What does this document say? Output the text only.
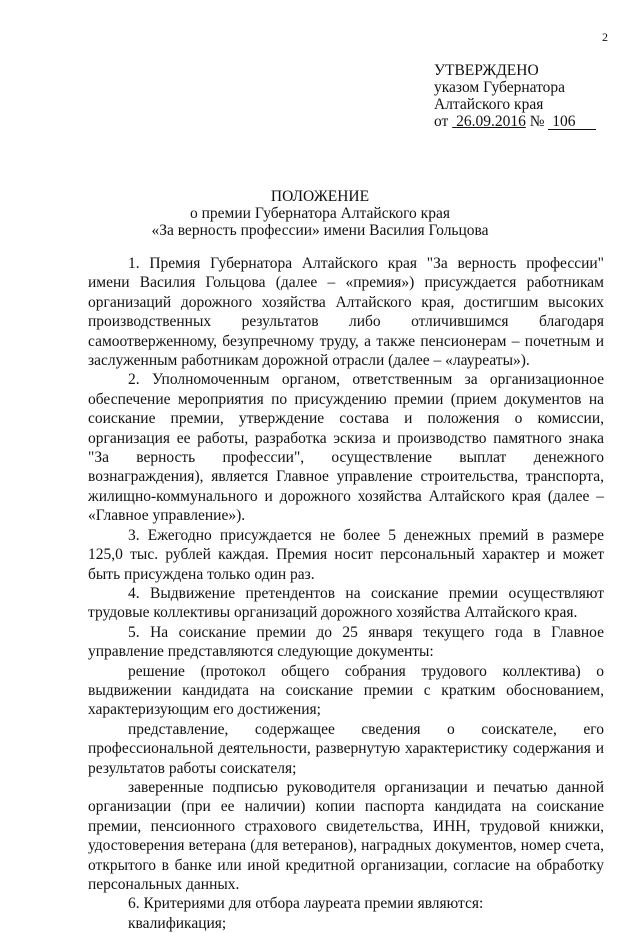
2
УТВЕРЖДЕНО
указом Губернатора
Алтайского края
от 26.09.2016 № 106
ПОЛОЖЕНИЕ
о премии Губернатора Алтайского края
«За верность профессии» имени Василия Гольцова

1. Премия Губернатора Алтайского края "За верность профессии" имени Василия Гольцова (далее – «премия») присуждается работникам организаций дорожного хозяйства Алтайского края, достигшим высоких производственных результатов либо отличившимся благодаря самоотверженному, безупречному труду, а также пенсионерам – почетным и заслуженным работникам дорожной отрасли (далее – «лауреаты»).

2. Уполномоченным органом, ответственным за организационное обеспечение мероприятия по присуждению премии (прием документов на соискание премии, утверждение состава и положения о комиссии, организация ее работы, разработка эскиза и производство памятного знака "За верность профессии", осуществление выплат денежного вознаграждения), является Главное управление строительства, транспорта, жилищно-коммунального и дорожного хозяйства Алтайского края (далее – «Главное управление»).

3. Ежегодно присуждается не более 5 денежных премий в размере 125,0 тыс. рублей каждая. Премия носит персональный характер и может быть присуждена только один раз.

4. Выдвижение претендентов на соискание премии осуществляют трудовые коллективы организаций дорожного хозяйства Алтайского края.

5. На соискание премии до 25 января текущего года в Главное управление представляются следующие документы:

решение (протокол общего собрания трудового коллектива) о выдвижении кандидата на соискание премии с кратким обоснованием, характеризующим его достижения;

представление, содержащее сведения о соискателе, его профессиональной деятельности, развернутую характеристику содержания и результатов работы соискателя;

заверенные подписью руководителя организации и печатью данной организации (при ее наличии) копии паспорта кандидата на соискание премии, пенсионного страхового свидетельства, ИНН, трудовой книжки, удостоверения ветерана (для ветеранов), наградных документов, номер счета, открытого в банке или иной кредитной организации, согласие на обработку персональных данных.

6. Критериями для отбора лауреата премии являются:

квалификация;
